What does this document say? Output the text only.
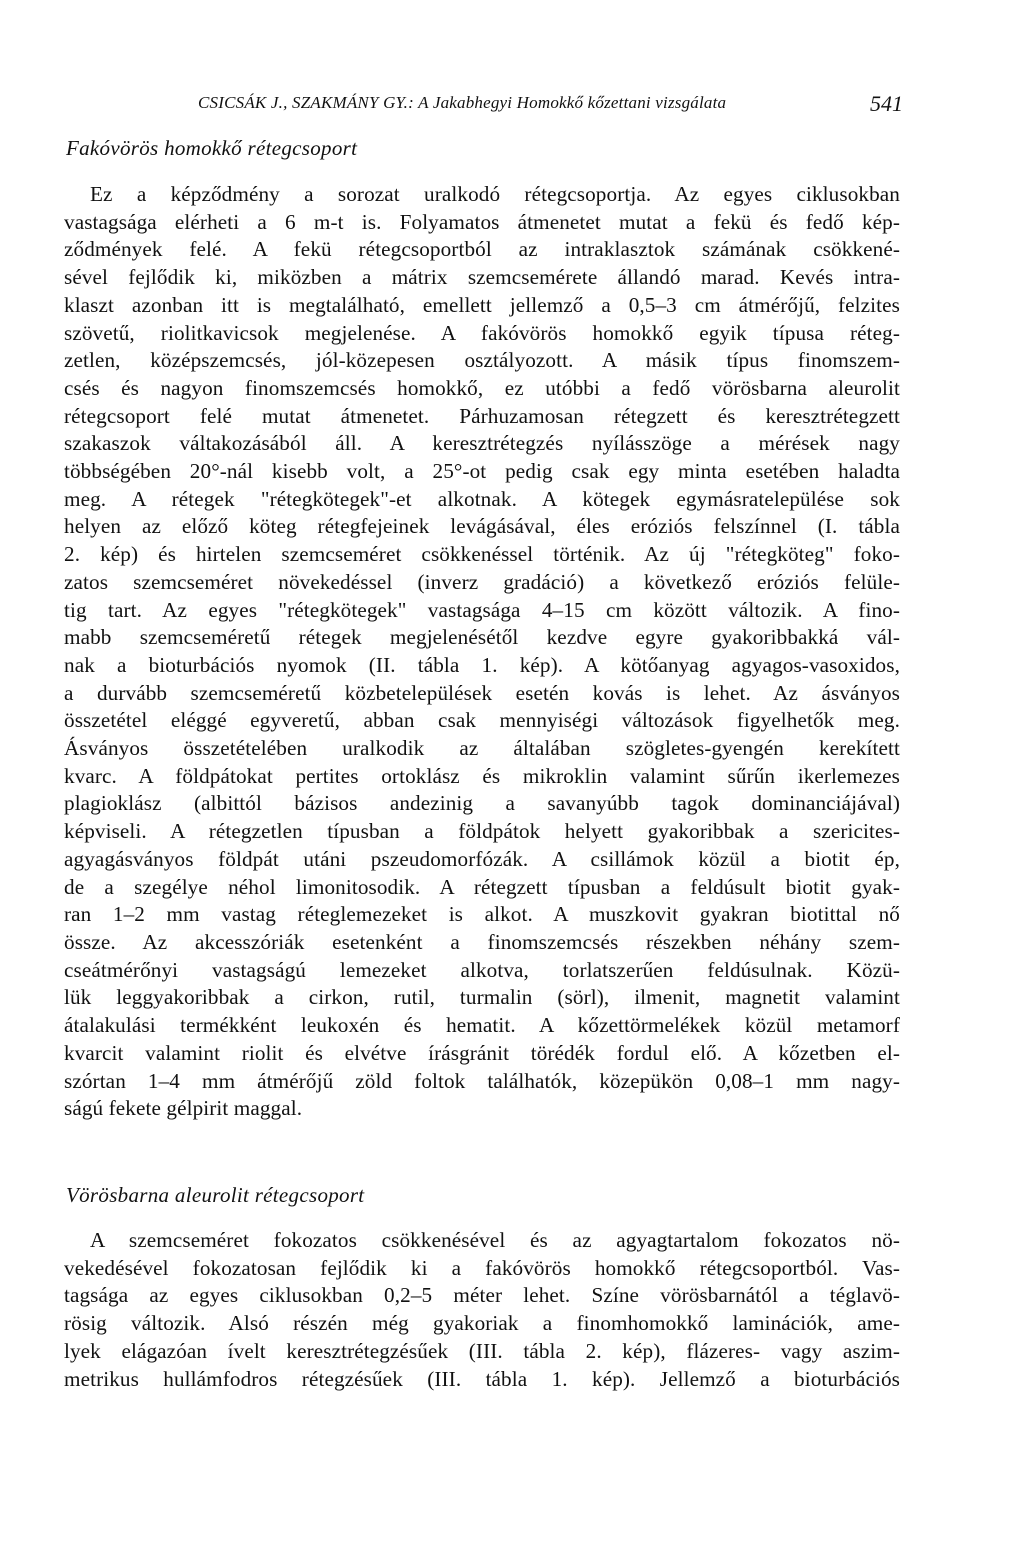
CSICSÁK J., SZAKMÁNY GY.: A Jakabhegyi Homokkő kőzettani vizsgálata	541
Fakóvörös homokkő rétegcsoport
Ez a képződmény a sorozat uralkodó rétegcsoportja. Az egyes ciklusokban
vastagsága elérheti a 6 m-t is. Folyamatos átmenetet mutat a fekü és fedő kép-
ződmények felé. A fekü rétegcsoportból az intraklasztok számának csökkené-
sével fejlődik ki, miközben a mátrix szemcsemérete állandó marad. Kevés intra-
klaszt azonban itt is megtalálható, emellett jellemző a 0,5–3 cm átmérőjű, felzites
szövetű, riolitkavicsok megjelenése. A fakóvörös homokkő egyik típusa réteg-
zetlen, középszemcsés, jól-közepesen osztályozott. A másik típus finomszem-
csés és nagyon finomszemcsés homokkő, ez utóbbi a fedő vörösbarna aleurolit
rétegcsoport felé mutat átmenetet. Párhuzamosan rétegzett és keresztrétegzett
szakaszok váltakozásából áll. A keresztrétegzés nyílásszöge a mérések nagy
többségében 20°-nál kisebb volt, a 25°-ot pedig csak egy minta esetében haladta
meg. A rétegek "rétegkötegek"-et alkotnak. A kötegek egymásratelepülése sok
helyen az előző köteg rétegfejeinek levágásával, éles eróziós felszínnel (I. tábla
2. kép) és hirtelen szemcseméret csökkenéssel történik. Az új "rétegköteg" foko-
zatos szemcseméret növekedéssel (inverz gradáció) a következő eróziós felüle-
tig tart. Az egyes "rétegkötegek" vastagsága 4–15 cm között változik. A fino-
mabb szemcseméretű rétegek megjelenésétől kezdve egyre gyakoribbakká vál-
nak a bioturbációs nyomok (II. tábla 1. kép). A kötőanyag agyagos-vasoxidos,
a durvább szemcseméretű közbetelepülések esetén kovás is lehet. Az ásványos
összetétel eléggé egyveretű, abban csak mennyiségi változások figyelhetők meg.
Ásványos összetételében uralkodik az általában szögletes-gyengén kerekített
kvarc. A földpátokat pertites ortoklász és mikroklin valamint sűrűn ikerlemezes
plagioklász (albittól bázisos andezinig a savanyúbb tagok dominanciájával)
képviseli. A rétegzetlen típusban a földpátok helyett gyakoribbak a szericites-
agyagásványos földpát utáni pszeudomorfózák. A csillámok közül a biotit ép,
de a szegélye néhol limonitosodik. A rétegzett típusban a feldúsult biotit gyak-
ran 1–2 mm vastag réteglemezeket is alkot. A muszkovit gyakran biotittal nő
össze. Az akcesszóriák esetenként a finomszemcsés részekben néhány szem-
cseátmérőnyi vastagságú lemezeket alkotva, torlatszerűen feldúsulnak. Közü-
lük leggyakoribbak a cirkon, rutil, turmalin (sörl), ilmenit, magnetit valamint
átalakulási termékként leukoxén és hematit. A kőzettörmelékek közül metamorf
kvarcit valamint riolit és elvétve írásgránit törédék fordul elő. A kőzetben el-
szórtan 1–4 mm átmérőjű zöld foltok találhatók, közepükön 0,08–1 mm nagy-
ságú fekete gélpirit maggal.
Vörösbarna aleurolit rétegcsoport
A szemcseméret fokozatos csökkenésével és az agyagtartalom fokozatos nö-
vekedésével fokozatosan fejlődik ki a fakóvörös homokkő rétegcsoportból. Vas-
tagsága az egyes ciklusokban 0,2–5 méter lehet. Színe vörösbarnától a téglavö-
rösig változik. Alsó részén még gyakoriak a finomhomokkő laminációk, ame-
lyek elágazóan ívelt keresztrétegzésűek (III. tábla 2. kép), flázeres- vagy aszim-
metrikus hullámfodros rétegzésűek (III. tábla 1. kép). Jellemző a bioturbációs
